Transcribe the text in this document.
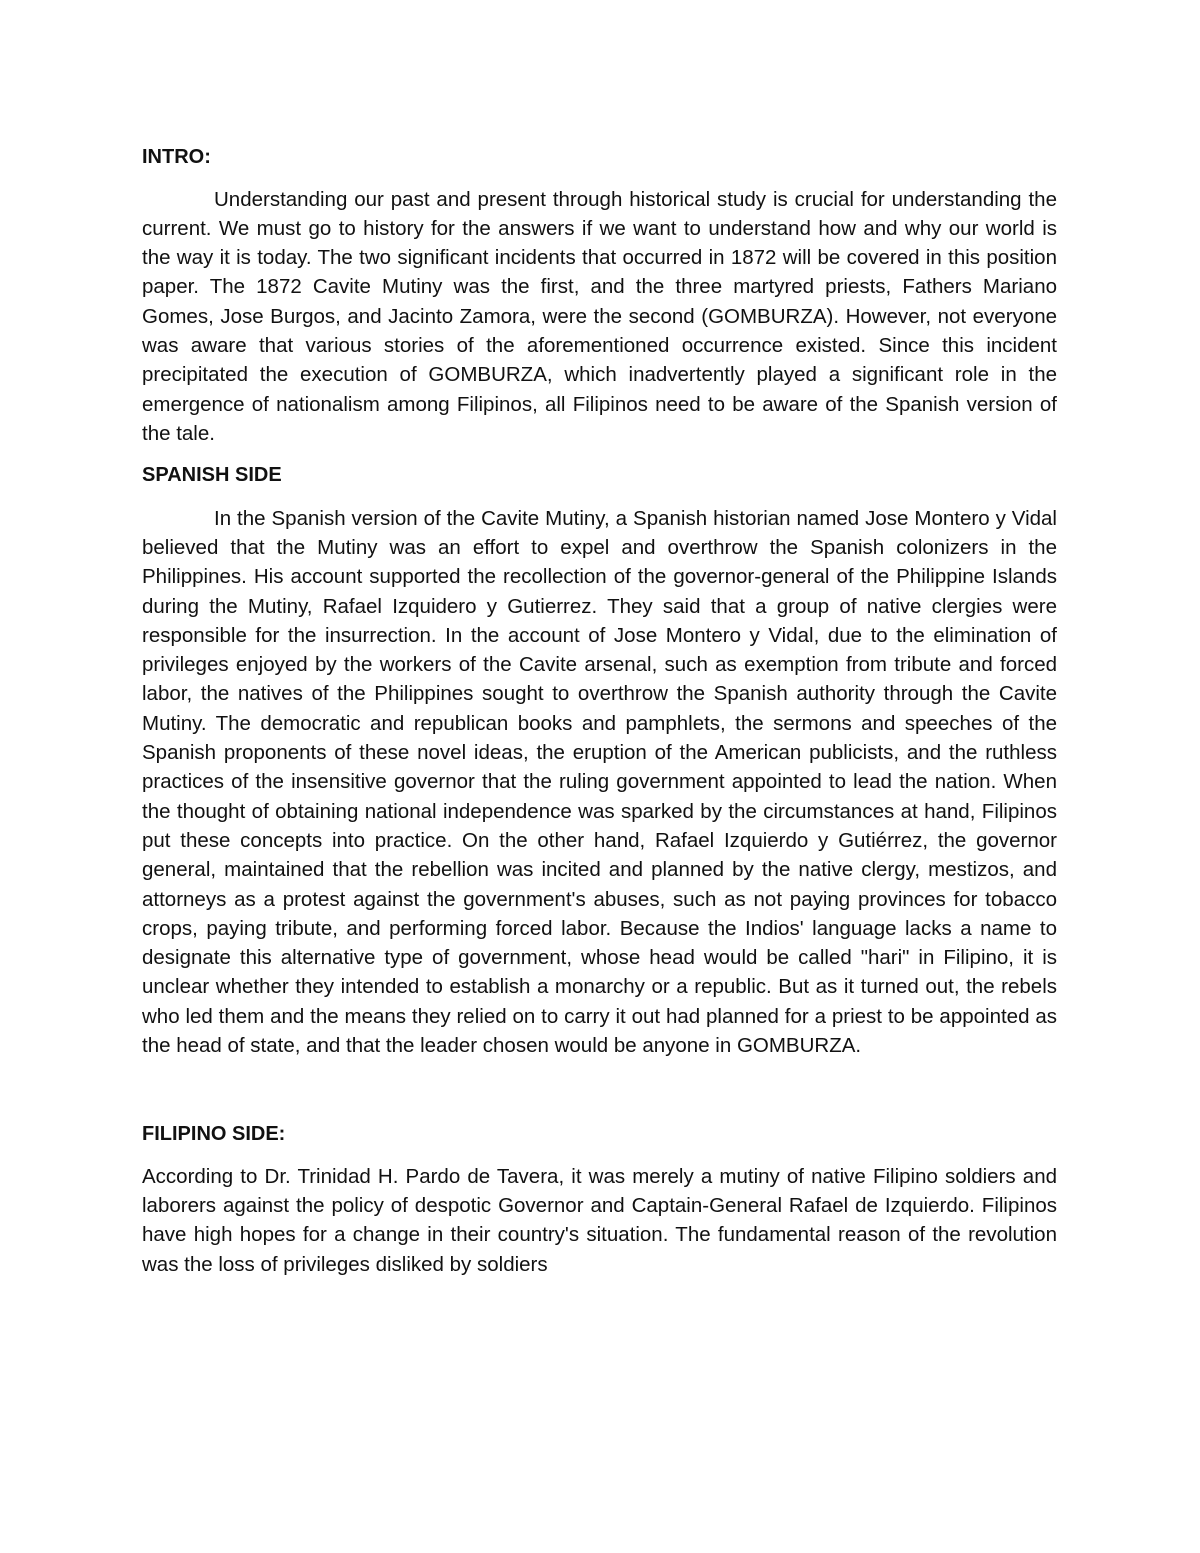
INTRO:

Understanding our past and present through historical study is crucial for understanding the current. We must go to history for the answers if we want to understand how and why our world is the way it is today. The two significant incidents that occurred in 1872 will be covered in this position paper. The 1872 Cavite Mutiny was the first, and the three martyred priests, Fathers Mariano Gomes, Jose Burgos, and Jacinto Zamora, were the second (GOMBURZA). However, not everyone was aware that various stories of the aforementioned occurrence existed. Since this incident precipitated the execution of GOMBURZA, which inadvertently played a significant role in the emergence of nationalism among Filipinos, all Filipinos need to be aware of the Spanish version of the tale.

SPANISH SIDE

In the Spanish version of the Cavite Mutiny, a Spanish historian named Jose Montero y Vidal believed that the Mutiny was an effort to expel and overthrow the Spanish colonizers in the Philippines. His account supported the recollection of the governor-general of the Philippine Islands during the Mutiny, Rafael Izquidero y Gutierrez. They said that a group of native clergies were responsible for the insurrection. In the account of Jose Montero y Vidal, due to the elimination of privileges enjoyed by the workers of the Cavite arsenal, such as exemption from tribute and forced labor, the natives of the Philippines sought to overthrow the Spanish authority through the Cavite Mutiny. The democratic and republican books and pamphlets, the sermons and speeches of the Spanish proponents of these novel ideas, the eruption of the American publicists, and the ruthless practices of the insensitive governor that the ruling government appointed to lead the nation. When the thought of obtaining national independence was sparked by the circumstances at hand, Filipinos put these concepts into practice. On the other hand, Rafael Izquierdo y Gutiérrez, the governor general, maintained that the rebellion was incited and planned by the native clergy, mestizos, and attorneys as a protest against the government's abuses, such as not paying provinces for tobacco crops, paying tribute, and performing forced labor. Because the Indios' language lacks a name to designate this alternative type of government, whose head would be called "hari" in Filipino, it is unclear whether they intended to establish a monarchy or a republic. But as it turned out, the rebels who led them and the means they relied on to carry it out had planned for a priest to be appointed as the head of state, and that the leader chosen would be anyone in GOMBURZA.

FILIPINO SIDE:

According to Dr. Trinidad H. Pardo de Tavera, it was merely a mutiny of native Filipino soldiers and laborers against the policy of despotic Governor and Captain-General Rafael de Izquierdo. Filipinos have high hopes for a change in their country's situation. The fundamental reason of the revolution was the loss of privileges disliked by soldiers
